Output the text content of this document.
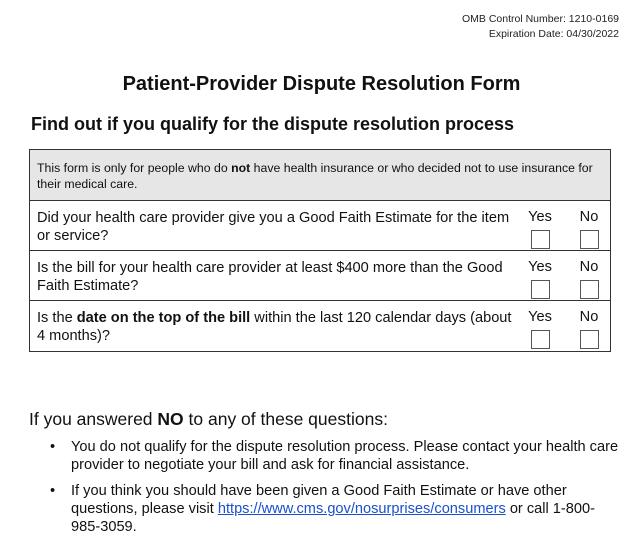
OMB Control Number: 1210-0169
Expiration Date: 04/30/2022
Patient-Provider Dispute Resolution Form
Find out if you qualify for the dispute resolution process
This form is only for people who do not have health insurance or who decided not to use insurance for their medical care.
Did your health care provider give you a Good Faith Estimate for the item or service?
Yes	No
Is the bill for your health care provider at least $400 more than the Good Faith Estimate?
Yes	No
Is the date on the top of the bill within the last 120 calendar days (about 4 months)?
Yes	No
If you answered NO to any of these questions:
• You do not qualify for the dispute resolution process. Please contact your health care provider to negotiate your bill and ask for financial assistance.
• If you think you should have been given a Good Faith Estimate or have other questions, please visit https://www.cms.gov/nosurprises/consumers or call 1-800-985-3059.
